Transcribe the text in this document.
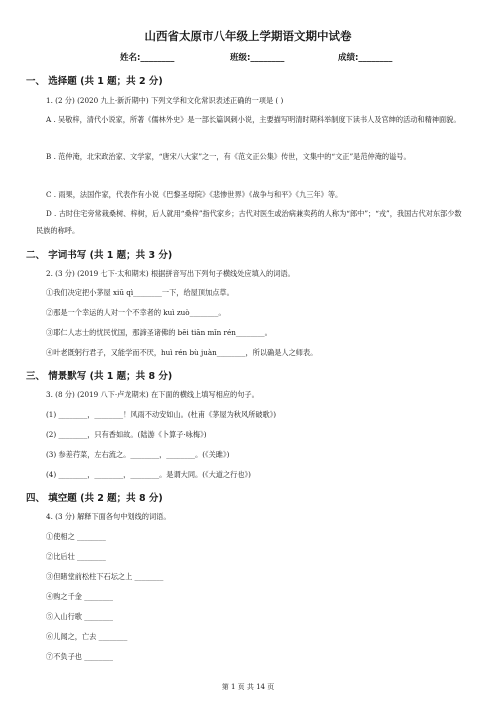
山西省太原市八年级上学期语文期中试卷
姓名:________	班级:________	成绩:________
一、 选择题 (共 1 题；共 2 分)
1. (2 分) (2020 九上·新沂期中) 下列文学和文化常识表述正确的一项是 ( )
A . 吴敬梓，清代小说家，所著《儒林外史》是一部长篇讽刺小说，主要描写明清时期科举制度下读书人及官绅的活动和精神面貌。
B . 范仲淹，北宋政治家、文学家，“唐宋八大家”之一，有《范文正公集》传世，文集中的“文正”是范仲淹的谥号。
C . 雨果，法国作家，代表作有小说《巴黎圣母院》《悲惨世界》《战争与和平》《九三年》等。
D . 古时住宅旁常栽桑树、梓树，后人就用“桑梓”指代家乡；古代对医生或治病兼卖药的人称为“郎中”；“戎”，我国古代对东部少数民族的称呼。
二、 字词书写 (共 1 题；共 3 分)
2. (3 分) (2019 七下·太和期末) 根据拼音写出下列句子横线处应填入的词语。
①我们决定把小茅屋 xiū qì________一下，给屋顶加点草。
②那是一个幸运的人对一个不幸者的 kuì zuò________。
③耶仁人志士的忧民忧国，那諦圣诸佛的 bēi tiān mǐn rén________。
④叶老既躬行君子，又能学而不厌，huì rén bù juàn________，所以确是人之师表。
三、 情景默写 (共 1 题；共 8 分)
3. (8 分) (2019 八下·卢龙期末) 在下面的横线上填写相应的句子。
(1) ________，________！风雨不动安如山。(杜甫《茅屋为秋风所破歌》)
(2) ________，只有香如故。(陆游《卜算子·咏梅》)
(3) 参差荇菜，左右流之。________，________。(《关雎》)
(4) ________，________，________。是谓大同。(《大道之行也》)
四、 填空题 (共 2 题；共 8 分)
4. (3 分) 解释下面各句中划线的词语。
①使相之 ________
②比后壮 ________
③但睹堂前松柱下石坛之上 ________
④购之千金 ________
⑤入山行歌 ________
⑥儿闻之，亡去 ________
⑦不负子也 ________
第 1 页 共 14 页
